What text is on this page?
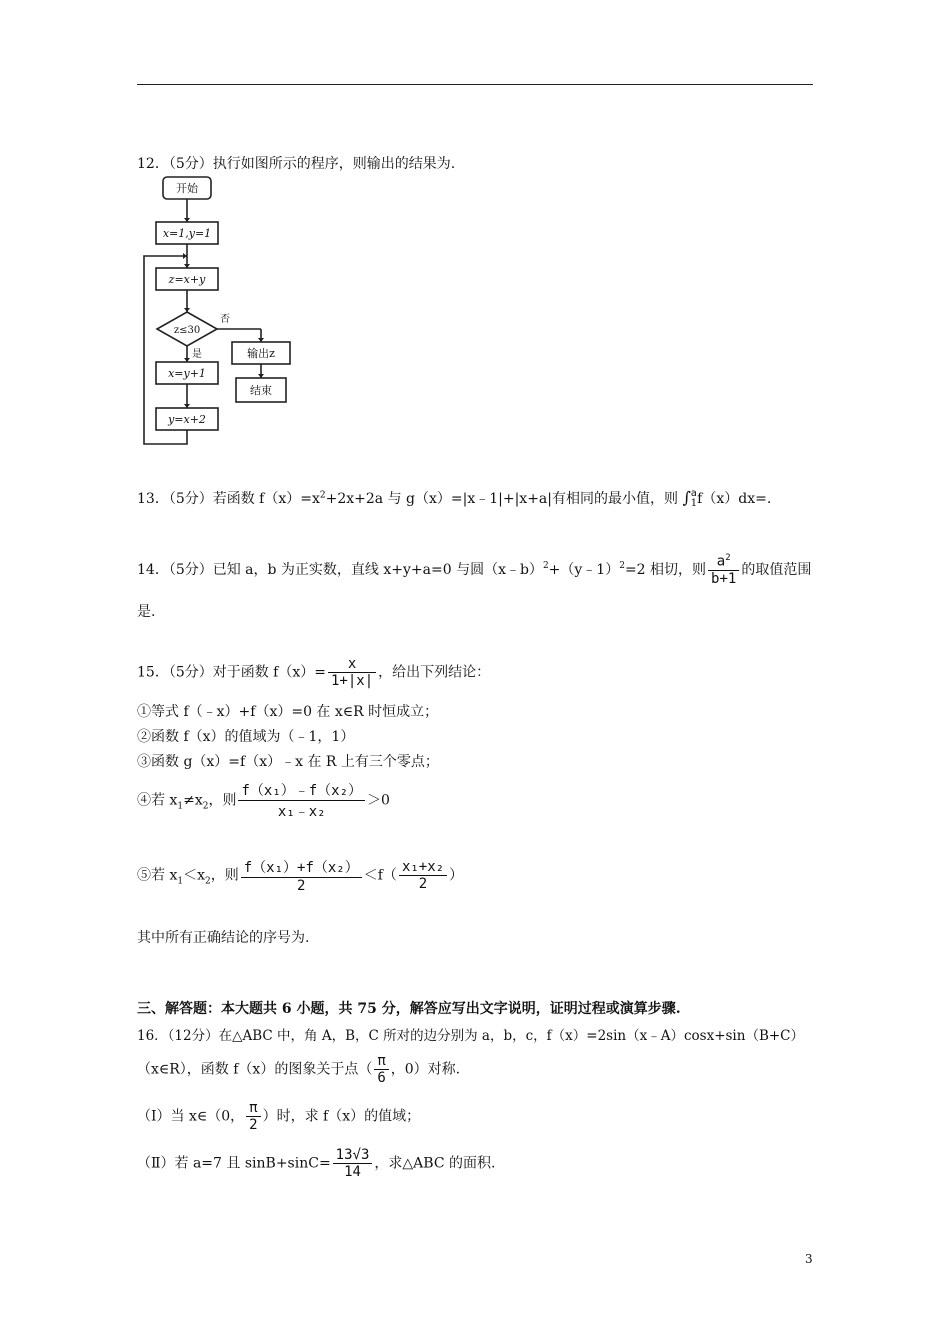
12．（5分）执行如图所示的程序，则输出的结果为.
开始
x=1,y=1
z=x+y
z≤30
否
是	输出z
结束
x=y+1
y=x+2
13．（5分）若函数 $f(x)=x^2+2x+2a$ 与 g（x）=|x﹣1|+|x+a|有相同的最小值，则 ∫ a
1 f（x）dx=.
14．（5分）已知 a，b 为正实数，直线 x+y+a=0 与圆（x﹣b）$^2$+（y﹣1）$^2$=2 相切，则 $\frac{a^2}{b+1}$ 的取值范围
是.
15．（5分）对于函数 $f(x)= \frac{x}{1+|x|}$ ，给出下列结论：
①等式 f（﹣x）+f（x）=0 在 x∈R 时恒成立；
②函数 f（x）的值域为（﹣1，1）
③函数 g（x）=f（x）﹣x 在 R 上有三个零点；
④若 $x_1\ne x_2$，则 $\frac{\text{f（x₁）﹣f（x₂）}}{\text{x₁﹣x₂}} >0$
⑤若 $x_1<x_2$，则 $\frac{\text{f（x₁）+f（x₂）}}{2} <f( \frac{\text{x₁+x₂}}{2}$ ）
其中所有正确结论的序号为.
三、解答题：本大题共 6 小题，共 75 分，解答应写出文字说明，证明过程或演算步骤.
16．（12分）在△ABC 中，角 A，B，C 所对的边分别为 a，b，c，f（x）=2sin（x﹣A）cosx+sin（B+C）
（x∈R），函数 f（x）的图象关于点（ $\frac{\pi}{6}$ ，0）对称.
（Ⅰ）当 x∈（0， $\frac{\pi}{2}$ ）时，求 f（x）的值域；
（Ⅱ）若 a=7 且 $\sin B+\sin C= \frac{13√3}{14}$ ，求△ABC 的面积.
3
